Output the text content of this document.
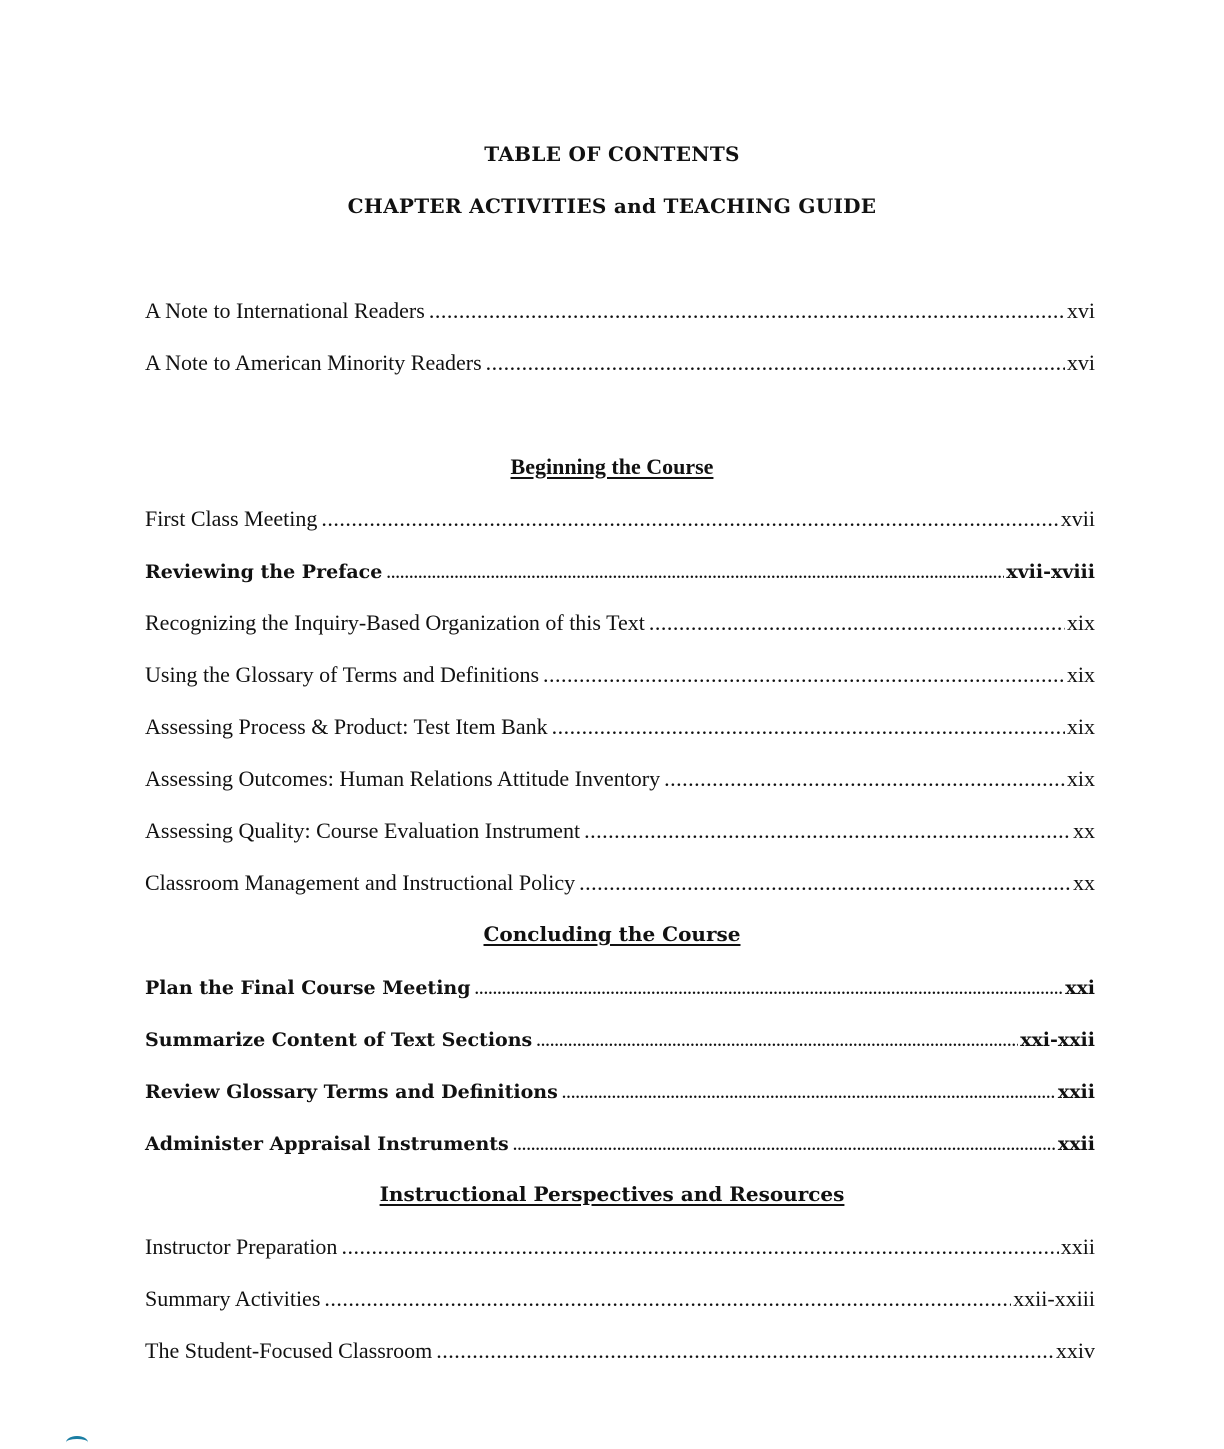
TABLE OF CONTENTS
CHAPTER ACTIVITIES and TEACHING GUIDE
A Note to International Readers .....	xvi
A Note to American Minority Readers .....	xvi
Beginning the Course
First Class Meeting .....	xvii
Reviewing the Preface .....	xvii-xviii
Recognizing the Inquiry-Based Organization of this Text .....	xix
Using the Glossary of Terms and Definitions .....	xix
Assessing Process & Product: Test Item Bank .....	xix
Assessing Outcomes: Human Relations Attitude Inventory .....	xix
Assessing Quality: Course Evaluation Instrument .....	xx
Classroom Management and Instructional Policy .....	xx
Concluding the Course
Plan the Final Course Meeting .....	xxi
Summarize Content of Text Sections .....	xxi-xxii
Review Glossary Terms and Definitions .....	xxii
Administer Appraisal Instruments .....	xxii
Instructional Perspectives and Resources
Instructor Preparation .....	xxii
Summary Activities .....	xxii-xxiii
The Student-Focused Classroom .....	xxiv
